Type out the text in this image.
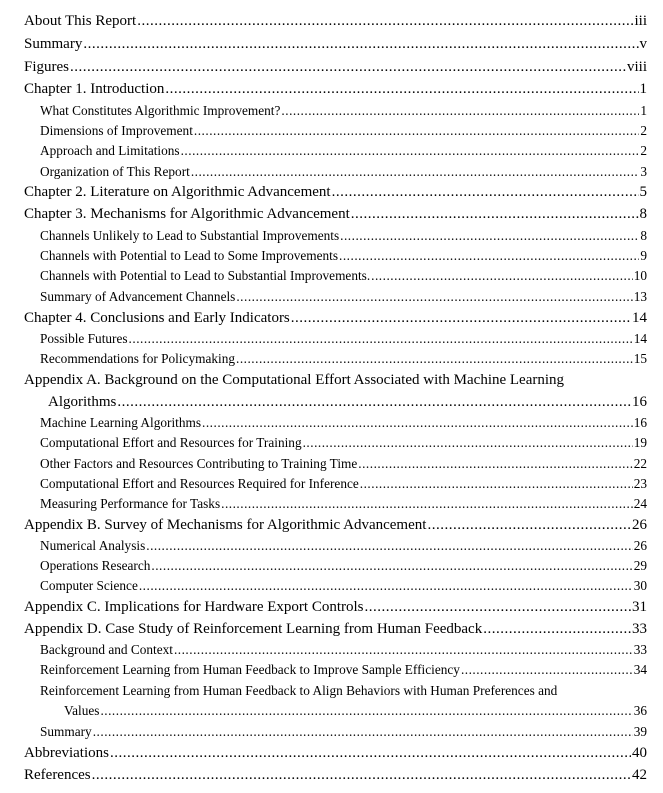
About This Report .....	iii
Summary .....	v
Figures .....	viii
Chapter 1. Introduction .....	1
What Constitutes Algorithmic Improvement? .....	1
Dimensions of Improvement .....	2
Approach and Limitations .....	2
Organization of This Report .....	3
Chapter 2. Literature on Algorithmic Advancement .....	5
Chapter 3. Mechanisms for Algorithmic Advancement .....	8
Channels Unlikely to Lead to Substantial Improvements .....	8
Channels with Potential to Lead to Some Improvements .....	9
Channels with Potential to Lead to Substantial Improvements. .....	10
Summary of Advancement Channels .....	13
Chapter 4. Conclusions and Early Indicators .....	14
Possible Futures .....	14
Recommendations for Policymaking .....	15
Appendix A. Background on the Computational Effort Associated with Machine Learning
Algorithms .....	16
Machine Learning Algorithms .....	16
Computational Effort and Resources for Training .....	19
Other Factors and Resources Contributing to Training Time .....	22
Computational Effort and Resources Required for Inference .....	23
Measuring Performance for Tasks .....	24
Appendix B. Survey of Mechanisms for Algorithmic Advancement .....	26
Numerical Analysis .....	26
Operations Research .....	29
Computer Science .....	30
Appendix C. Implications for Hardware Export Controls .....	31
Appendix D. Case Study of Reinforcement Learning from Human Feedback .....	33
Background and Context .....	33
Reinforcement Learning from Human Feedback to Improve Sample Efficiency .....	34
Reinforcement Learning from Human Feedback to Align Behaviors with Human Preferences and
Values .....	36
Summary .....	39
Abbreviations .....	40
References .....	42
